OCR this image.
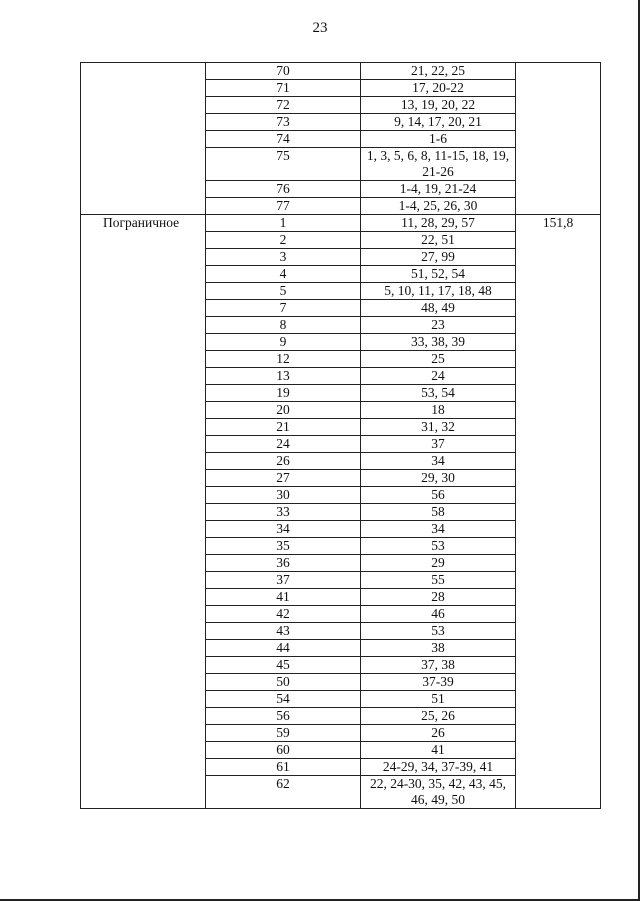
23
	70	21, 22, 25	
	71	17, 20-22	
	72	13, 19, 20, 22	
	73	9, 14, 17, 20, 21	
	74	1-6	
	75	1, 3, 5, 6, 8, 11-15, 18, 19, 21-26	
	76	1-4, 19, 21-24	
	77	1-4, 25, 26, 30	
Пограничное	1	11, 28, 29, 57	151,8
	2	22, 51	
	3	27, 99	
	4	51, 52, 54	
	5	5, 10, 11, 17, 18, 48	
	7	48, 49	
	8	23	
	9	33, 38, 39	
	12	25	
	13	24	
	19	53, 54	
	20	18	
	21	31, 32	
	24	37	
	26	34	
	27	29, 30	
	30	56	
	33	58	
	34	34	
	35	53	
	36	29	
	37	55	
	41	28	
	42	46	
	43	53	
	44	38	
	45	37, 38	
	50	37-39	
	54	51	
	56	25, 26	
	59	26	
	60	41	
	61	24-29, 34, 37-39, 41	
	62	22, 24-30, 35, 42, 43, 45, 46, 49, 50	
